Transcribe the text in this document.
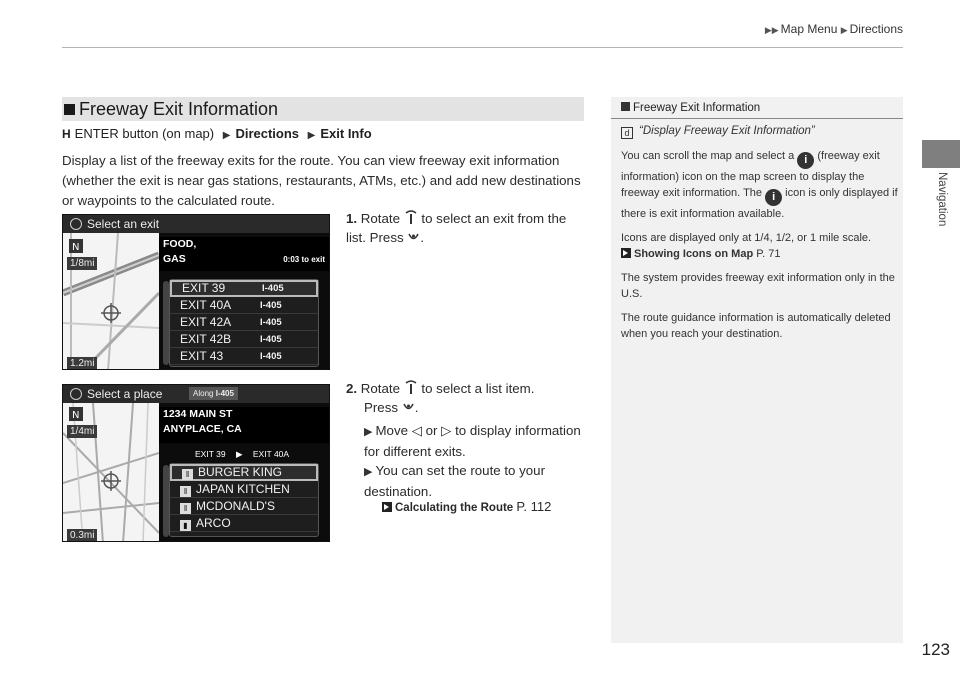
▶▶ Map Menu ▶ Directions
Navigation
Freeway Exit Information
H ENTER button (on map) ▶ Directions ▶ Exit Info
Display a list of the freeway exits for the route. You can view freeway exit information (whether the exit is near gas stations, restaurants, ATMs, etc.) and add new destinations or waypoints to the calculated route.
N
Select an exit
1/8mi
1.2mi
FOOD,
GAS	0:03 to exit
EXIT 39	I-405
EXIT 40A	I-405
EXIT 42A	I-405
EXIT 42B	I-405
EXIT 43	I-405
1. Rotate to select an exit from the list. Press .
N
Select a place	Along I-405
1/4mi
0.3mi
1234 MAIN ST
ANYPLACE, CA
EXIT 39 ▶ EXIT 40A
‖ BURGER KING
‖ JAPAN KITCHEN
‖ MCDONALD'S
▮ ARCO
2. Rotate to select a list item.
Press .
▶ Move ◁ or ▷ to display information for different exits.
▶ You can set the route to your destination.
Calculating the Route P. 112
Freeway Exit Information

d “Display Freeway Exit Information”

You can scroll the map and select a i (freeway exit information) icon on the map screen to display the freeway exit information. The i icon is only displayed if there is exit information available.

Icons are displayed only at 1/4, 1/2, or 1 mile scale.
Showing Icons on Map P. 71

The system provides freeway exit information only in the U.S.

The route guidance information is automatically deleted when you reach your destination.

123
